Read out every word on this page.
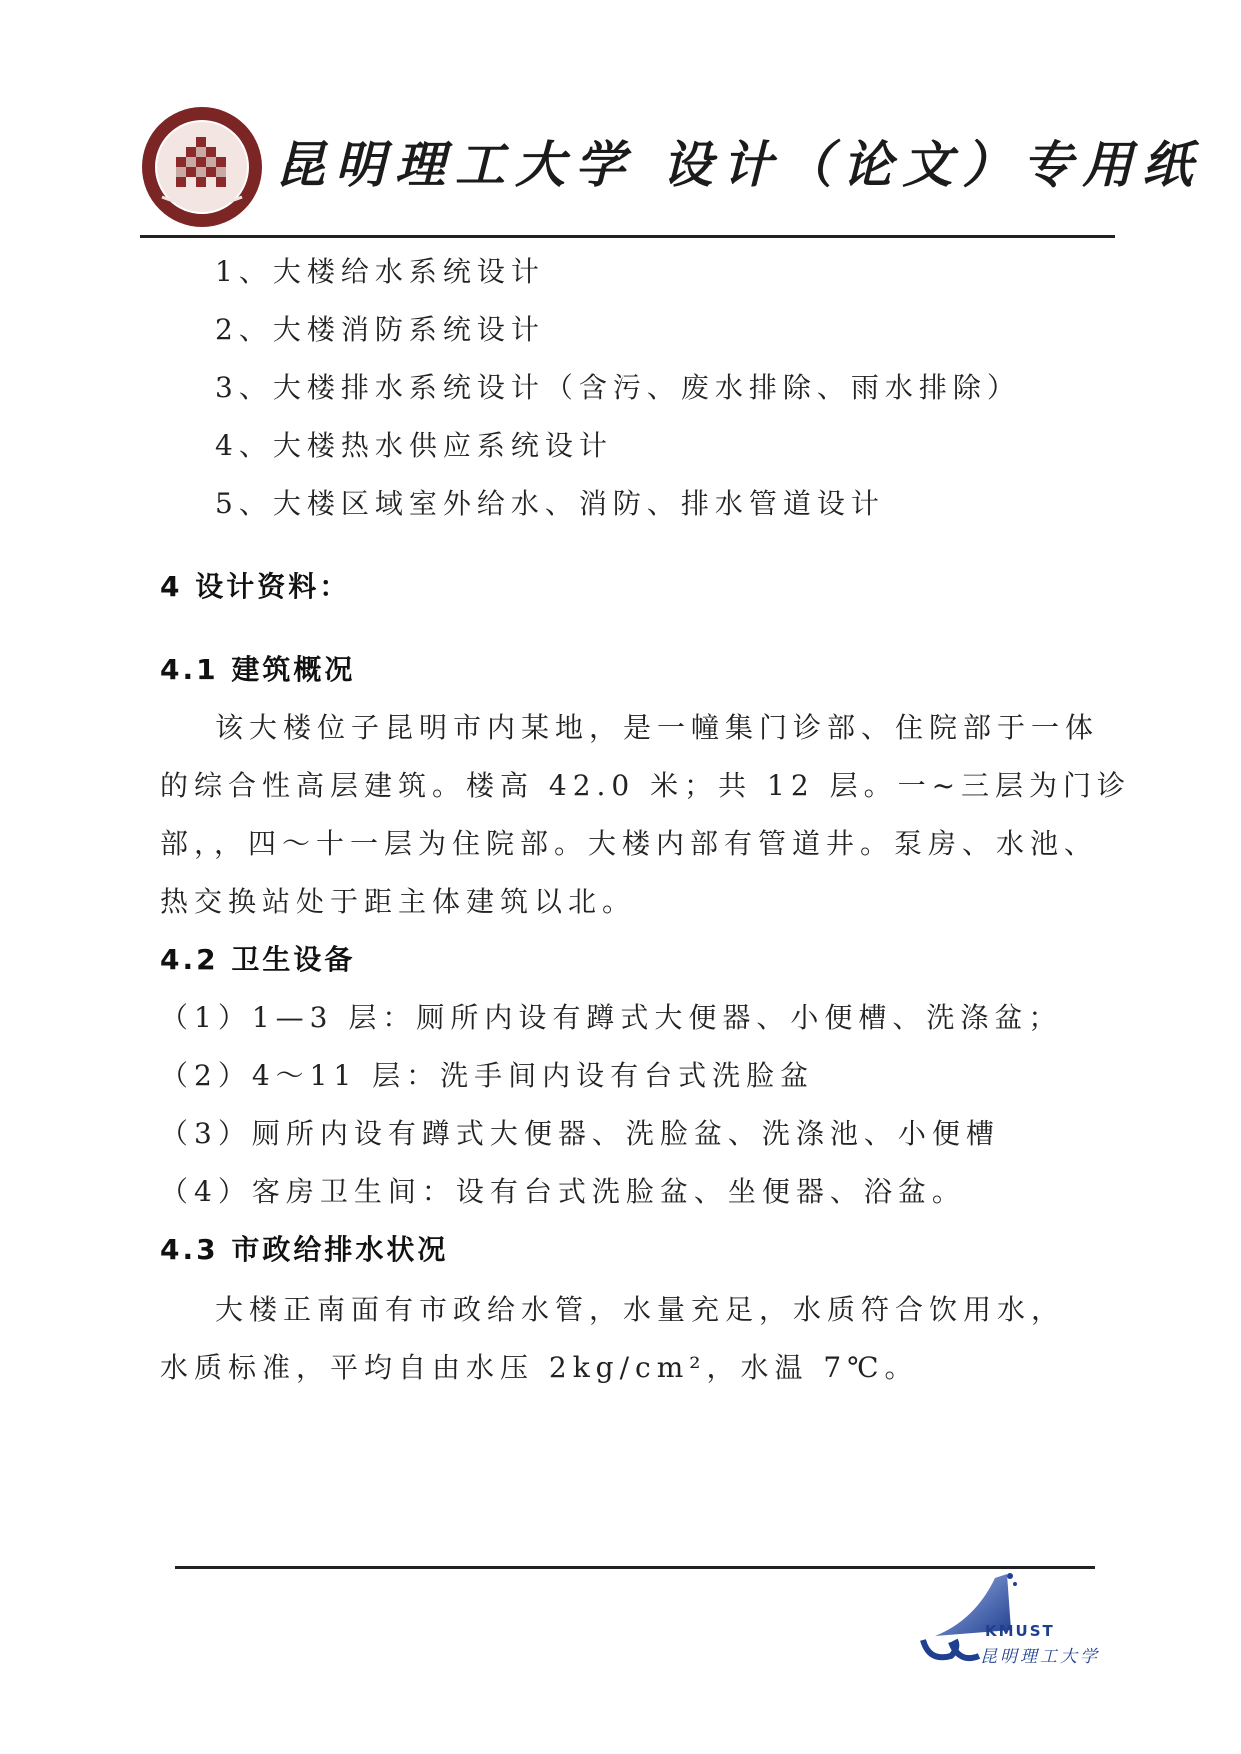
昆明理工大学 设计（论文）专用纸
1、大楼给水系统设计
2、大楼消防系统设计
3、大楼排水系统设计（含污、废水排除、雨水排除）
4、大楼热水供应系统设计
5、大楼区域室外给水、消防、排水管道设计
4 设计资料：
4.1 建筑概况
该大楼位子昆明市内某地，是一幢集门诊部、住院部于一体
的综合性高层建筑。楼高 42.0 米；共 12 层。一~三层为门诊
部，，四～十一层为住院部。大楼内部有管道井。泵房、水池、
热交换站处于距主体建筑以北。
4.2 卫生设备
（1）1—3 层：厕所内设有蹲式大便器、小便槽、洗涤盆；
（2）4～11 层：洗手间内设有台式洗脸盆
（3）厕所内设有蹲式大便器、洗脸盆、洗涤池、小便槽
（4）客房卫生间：设有台式洗脸盆、坐便器、浴盆。
4.3 市政给排水状况
大楼正南面有市政给水管，水量充足，水质符合饮用水，
水质标准，平均自由水压 2kg/cm²，水温 7℃。
KMUST
昆明理工大学
